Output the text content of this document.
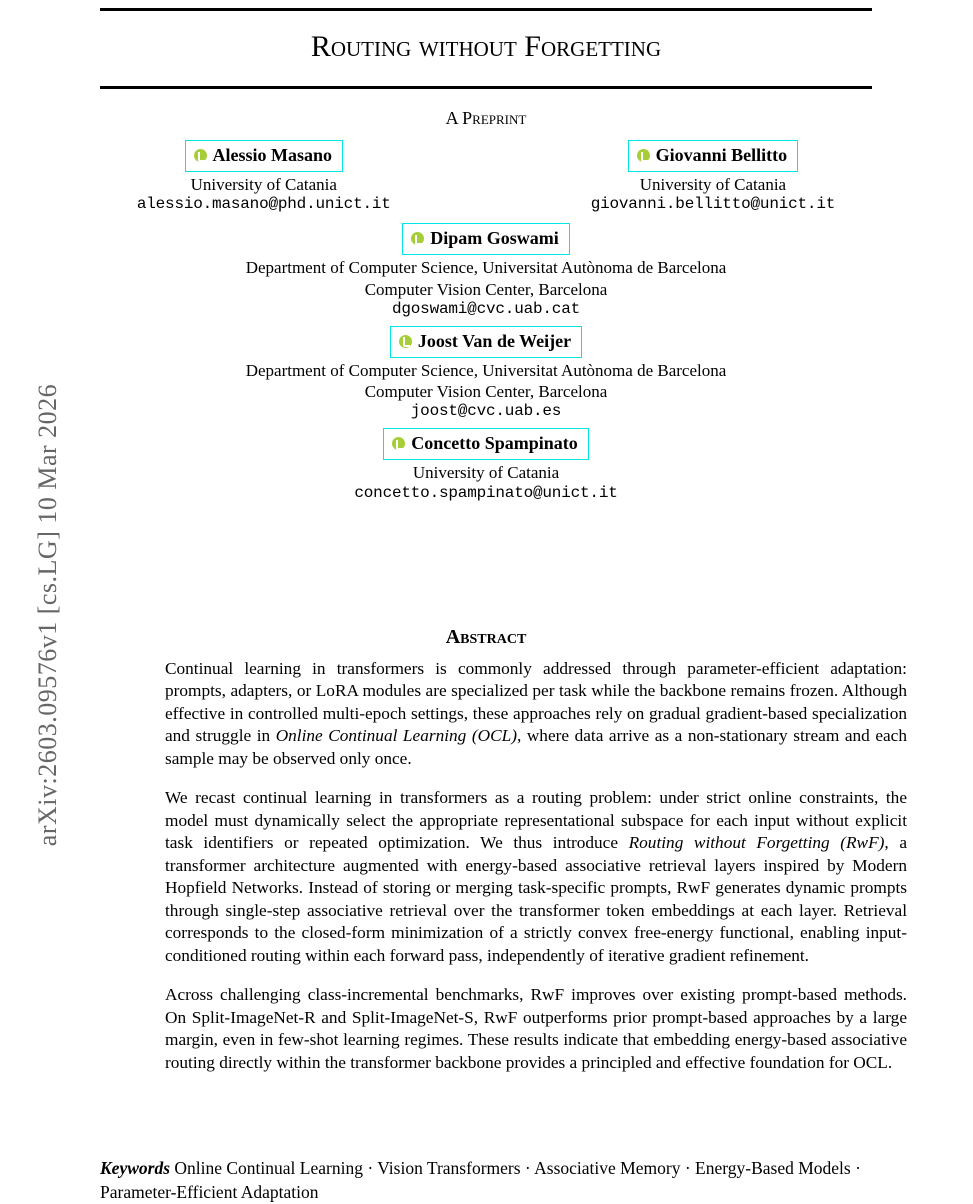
arXiv:2603.09576v1 [cs.LG] 10 Mar 2026
Routing without Forgetting
A Preprint
Alessio Masano
University of Catania
alessio.masano@phd.unict.it
Giovanni Bellitto
University of Catania
giovanni.bellitto@unict.it
Dipam Goswami
Department of Computer Science, Universitat Autònoma de Barcelona
Computer Vision Center, Barcelona
dgoswami@cvc.uab.cat
Joost Van de Weijer
Department of Computer Science, Universitat Autònoma de Barcelona
Computer Vision Center, Barcelona
joost@cvc.uab.es
Concetto Spampinato
University of Catania
concetto.spampinato@unict.it
Abstract

Continual learning in transformers is commonly addressed through parameter-efficient adaptation: prompts, adapters, or LoRA modules are specialized per task while the backbone remains frozen. Although effective in controlled multi-epoch settings, these approaches rely on gradual gradient-based specialization and struggle in Online Continual Learning (OCL), where data arrive as a non-stationary stream and each sample may be observed only once.

We recast continual learning in transformers as a routing problem: under strict online constraints, the model must dynamically select the appropriate representational subspace for each input without explicit task identifiers or repeated optimization. We thus introduce Routing without Forgetting (RwF), a transformer architecture augmented with energy-based associative retrieval layers inspired by Modern Hopfield Networks. Instead of storing or merging task-specific prompts, RwF generates dynamic prompts through single-step associative retrieval over the transformer token embeddings at each layer. Retrieval corresponds to the closed-form minimization of a strictly convex free-energy functional, enabling input-conditioned routing within each forward pass, independently of iterative gradient refinement.

Across challenging class-incremental benchmarks, RwF improves over existing prompt-based methods. On Split-ImageNet-R and Split-ImageNet-S, RwF outperforms prior prompt-based approaches by a large margin, even in few-shot learning regimes. These results indicate that embedding energy-based associative routing directly within the transformer backbone provides a principled and effective foundation for OCL.

Keywords Online Continual Learning · Vision Transformers · Associative Memory · Energy-Based Models · Parameter-Efficient Adaptation
